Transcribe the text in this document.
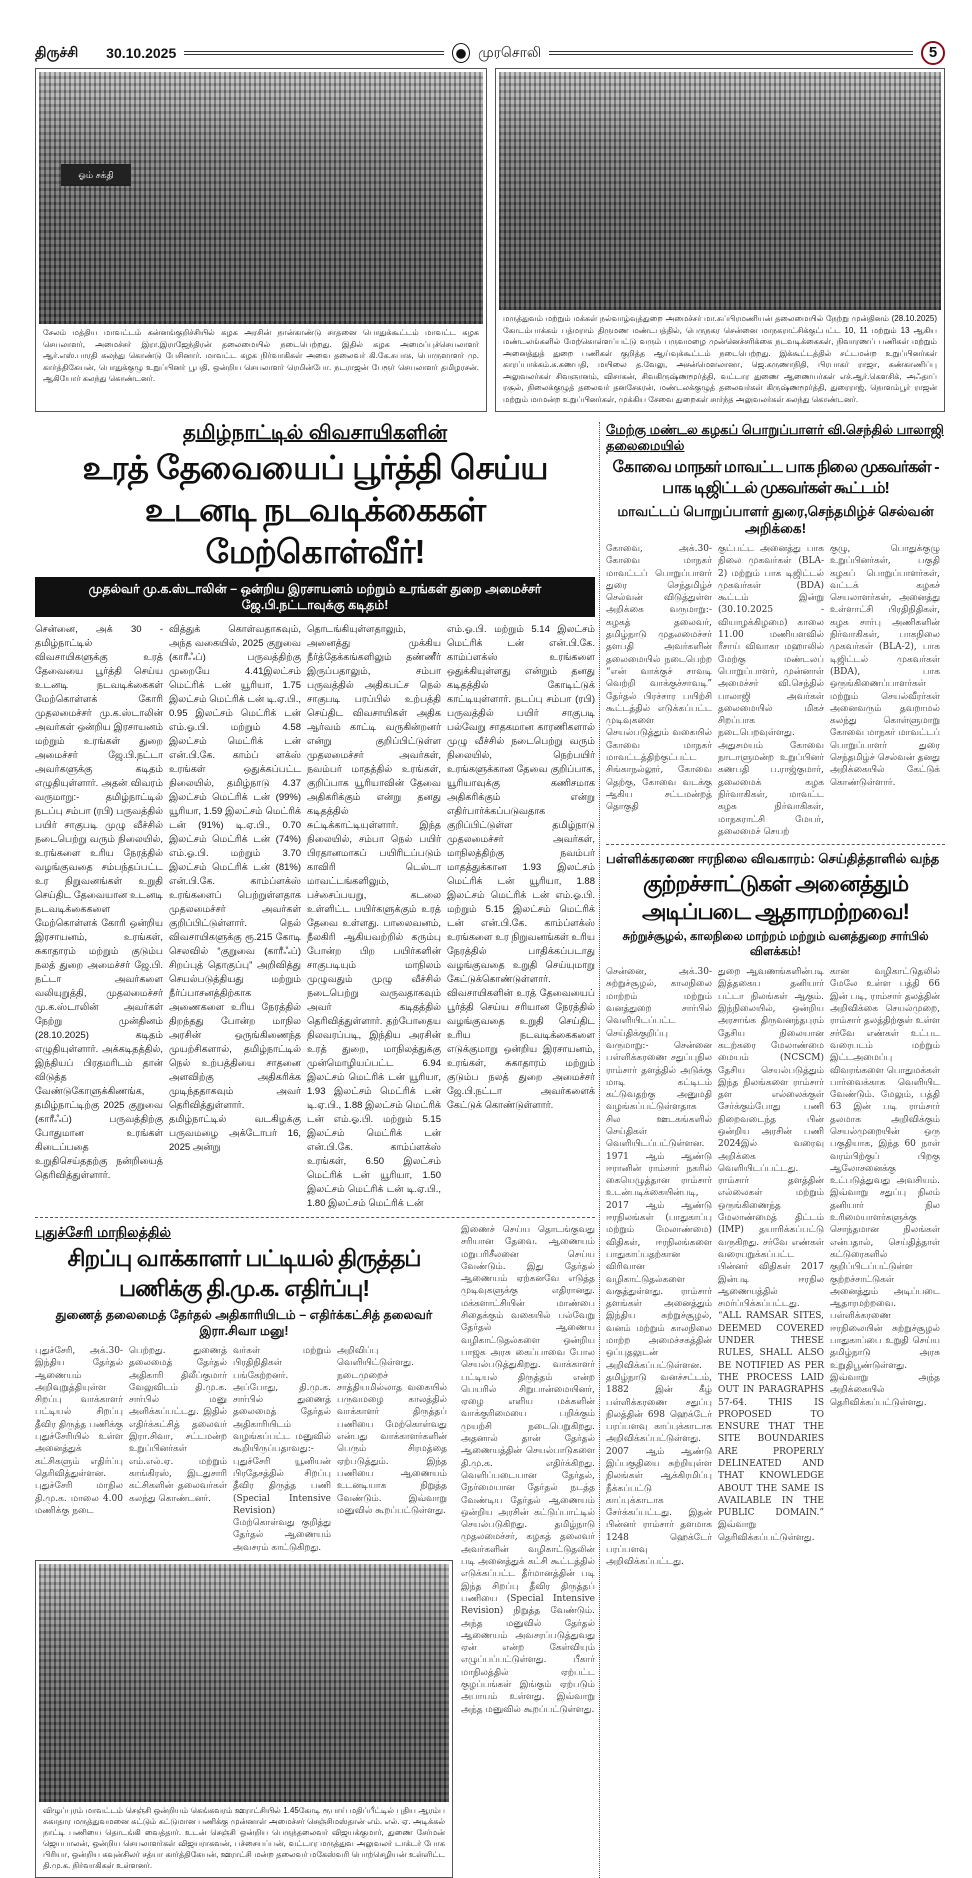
திருச்சி 30.10.2025	முரசொலி	5
ஓம் சக்தி
சேலம் மத்திய மாவட்டம் கன்னங்குறிச்சியில் கழக அரசின் நான்காண்டு சாதனை பொதுக்கூட்டம் மாவட்ட கழக செயலாளர், அமைச்சர் இரா.இராஜேந்திரன் தலைமையில் நடைபெற்றது. இதில் கழக அமைப்புச்செயலாளர் ஆர்.எஸ்.பாரதி கலந்து கொண்டு பேசினார். மாவட்ட கழக நிர்வாகிகள் அவை தலைவர் கி.கே.சுபாசு, பொருளாளர் மு. கார்த்திகேயன், பொதுக்குழு உறுப்பினர் பூபதி, ஒன்றிய செயலாளர் ரெமின்போ. நடராஜன் பேரூர் செயலாளர் தமிழரசன். ஆகியோர் கலந்து கொண்டனர்.
மருத்துவம் மற்றும் மக்கள் நல்வாழ்வுத்துறை அமைச்சர் மா.சுப்பிரமணியன் தலைமையில் நேற்று முன்தினம் (28.10.2025) கோடம்பாக்கம் பத்மராம் திருமண மண்டபத்தில், பெருநகர சென்னை மாநகராட்சிக்குட்பட்ட 10, 11 மற்றும் 13 ஆகிய மண்டலங்களில் மேற்கொள்ளப்பட்டு வரும் பருவமழை முன்னெச்சரிக்கை நடவடிக்கைகள், நிவாரணப் பணிகள் மற்றும் அனைத்துத் துறை பணிகள் குறித்த ஆய்வுக்கூட்டம் நடைபெற்றது. இக்கூட்டத்தில் சட்டமன்ற உறுப்பினர்கள் காரப்பாக்கம்.க.கணபதி, மயிலை த.வேலு, அசன்மௌலானா, ஜெ.கருணாநிதி, பிரபாகர் ராஜா, கண்காணிப்பு அலுவலர்கள் சிவஞானம், விசாகன், சிவகிருஷ்ணமூர்த்தி, வட்டார துணை ஆணையர்கள் எச்.ஆர்.கௌசிக், அஃதாப் ரசூல், நிலைக்குழுத் தலைவர் தனசேகரன், மண்டலக்குழுத் தலைவர்கள் கிருஷ்ணமூர்த்தி, துரைராஜ், நொளம்பூர் ராஜன் மற்றும் மாமன்ற உறுப்பினர்கள், முக்கிய சேவை துறைகள் சார்ந்த அலுவலர்கள் கலந்து கொண்டனர்.
தமிழ்நாட்டில் விவசாயிகளின்
உரத் தேவையைப் பூர்த்தி செய்ய உடனடி நடவடிக்கைகள் மேற்கொள்வீர்!
முதல்வர் மு.க.ஸ்டாலின் – ஒன்றிய இரசாயனம் மற்றும் உரங்கள் துறை அமைச்சர் ஜே.பி.நட்டாவுக்கு கடிதம்!
சென்னை, அக் 30 - தமிழ்நாட்டில் விவசாயிகளுக்கு உரத் தேவையை பூர்த்தி செய்ய உடனடி நடவடிக்கைகள் மேற்கொள்ளக் கோரி முதலமைச்சர் மு.க.ஸ்டாலின் அவர்கள் ஒன்றிய இரசாயனம் மற்றும் உரங்கள் துறை அமைச்சர் ஜே.பி.நட்டா அவர்களுக்கு கடிதம் எழுதியுள்ளார். அதன் விவரம் வருமாறு:- தமிழ்நாட்டில் நடப்பு சம்பா (ரபி) பருவத்தில் பயிர் சாகுபடி முழு வீச்சில் நடைபெற்று வரும் நிலையில், உரங்களை உரிய நேரத்தில் வழங்குவதை சம்பந்தப்பட்ட உர நிறுவனங்கள் உறுதி செய்திட தேவையான உடனடி நடவடிக்கைகளை மேற்கொள்ளக் கோரி ஒன்றிய இரசாயனம், உரங்கள், சுகாதாரம் மற்றும் குடும்ப நலத் துறை அமைச்சர் ஜே.பி. நட்டா அவர்களை வலியுறுத்தி, முதலமைச்சர் மு.க.ஸ்டாலின் அவர்கள் நேற்று முன்தினம் (28.10.2025) கடிதம் எழுதியுள்ளார். அக்கடிதத்தில், இந்தியப் பிரதமரிடம் தான் விடுத்த வேண்டுகோளுக்கிணங்க, தமிழ்நாட்டிற்கு 2025 குறுவை (காரீஃப்) பருவத்திற்கு போதுமான உரங்கள் கிடைப்பதை உறுதிசெய்ததற்கு நன்றியைத் தெரிவித்துள்ளார்.
வித்துக் கொள்வதாகவும், அந்த வகையில், 2025 குறுவை (காரீஃப்) பருவத்திற்கு முறையே 4.41இலட்சம் மெட்ரிக் டன் யூரியா, 1.75 இலட்சம் மெட்ரிக் டன் டி.ஏ.பி., 0.95 இலட்சம் மெட்ரிக் டன் எம்.ஓ.பி. மற்றும் 4.58 இலட்சம் மெட்ரிக் டன் என்.பி.கே. காம்ப் ளக்ஸ் உரங்கள் ஒதுக்கப்பட்ட நிலையில், தமிழ்நாடு 4.37 இலட்சம் மெட்ரிக் டன் (99%) யூரியா, 1.59 இலட்சம் மெட்ரிக் டன் (91%) டி.ஏ.பி., 0.70 இலட்சம் மெட்ரிக் டன் (74%) எம்.ஓ.பி. மற்றும் 3.70 இலட்சம் மெட்ரிக் டன் (81%) என்.பி.கே. காம்ப்ளக்ஸ் உரங்களைப் பெற்றுள்ளதாக முதலமைச்சர் அவர்கள் குறிப்பிட்டுள்ளார். நெல் விவசாயிகளுக்கு ரூ.215 கோடி செலவில் “குறுவை (காரீஃப்) சிறப்புத் தொகுப்பு” அறிவித்து செயல்படுத்தியது மற்றும் நீர்ப்பாசனத்திற்காக அணைகளை உரிய நேரத்தில் திறந்தது போன்ற மாநில அரசின் ஒருங்கிணைந்த முயற்சிகளால், தமிழ்நாட்டில் நெல் உற்பத்தியை சாதனை அளவிற்கு அதிகரிக்க முடிந்ததாகவும் அவர் தெரிவித்துள்ளார். தமிழ்நாட்டில் வடகிழக்கு பருவமழை அக்டோபர் 16, 2025 அன்று
தொடங்கியுள்ளதாலும், அனைத்து முக்கிய நீர்த்தேக்கங்களிலும் தண்ணீர் இருப்பதாலும், சம்பா பருவத்தில் அதிகபட்ச நெல் சாகுபடி பரப்பில் உற்பத்தி செய்திட விவசாயிகள் அதிக ஆர்வம் காட்டி வருகின்றனர் என்று குறிப்பிட்டுள்ள முதலமைச்சர் அவர்கள், நவம்பர் மாதத்தில் உரங்கள், குறிப்பாக யூரியாவின் தேவை அதிகரிக்கும் என்று தனது கடிதத்தில் சுட்டிக்காட்டியுள்ளார். இந்த நிலையில், சம்பா நெல் பயிர் பிரதானமாகப் பயிரிடப்படும் காவிரி டெல்டா மாவட்டங்களிலும், பச்சைப்பயறு, கடலை உள்ளிட்ட பயிர்களுக்கும் உரத் தேவை உள்ளது. பாலைவனம், நீலகிரி ஆகியவற்றில் கரும்பு போன்ற பிற பயிர்களின் சாகுபடியும் மாநிலம் முழுவதும் முழு வீச்சில் நடைபெற்று வருவதாகவும் அவர் கடிதத்தில் தெரிவித்துள்ளார். தற்போதைய நிலவரப்படி, இந்திய அரசின் உரத் துறை, மாநிலத்துக்கு முன்மொழியப்பட்ட 6.94 இலட்சம் மெட்ரிக் டன் யூரியா, 1.93 இலட்சம் மெட்ரிக் டன் டி.ஏ.பி., 1.88 இலட்சம் மெட்ரிக் டன் எம்.ஓ.பி. மற்றும் 5.15 இலட்சம் மெட்ரிக் டன் என்.பி.கே. காம்ப்ளக்ஸ் உரங்கள், 6.50 இலட்சம் மெட்ரிக் டன் யூரியா, 1.50 இலட்சம் மெட்ரிக் டன் டி.ஏ.பி., 1.80 இலட்சம் மெட்ரிக் டன்
எம்.ஓ.பி. மற்றும் 5.14 இலட்சம் மெட்ரிக் டன் என்.பி.கே. காம்ப்ளக்ஸ் உரங்களை ஒதுக்கியுள்ளது என்றும் தனது கடிதத்தில் கோடிட்டுக் காட்டியுள்ளார். நடப்பு சம்பா (ரபி) பருவத்தில் பயிர் சாகுபடி பல்வேறு சாதகமான காரணிகளால் முழு வீச்சில் நடைபெற்று வரும் நிலையில், நெற்பயிர் உரங்களுக்கான தேவை குறிப்பாக, யூரியாவுக்கு கணிசமாக அதிகரிக்கும் என்று எதிர்பார்க்கப்படுவதாக குறிப்பிட்டுள்ள தமிழ்நாடு முதலமைச்சர் அவர்கள், மாநிலத்திற்கு நவம்பர் மாதத்துக்கான 1.93 இலட்சம் மெட்ரிக் டன் யூரியா, 1.88 இலட்சம் மெட்ரிக் டன் எம்.ஓ.பி. மற்றும் 5.15 இலட்சம் மெட்ரிக் டன் என்.பி.கே. காம்ப்ளக்ஸ் உரங்களை உர நிறுவனங்கள் உரிய நேரத்தில் பாதிக்கப்படாது வழங்குவதை உறுதி செய்யுமாறு கேட்டுக்கொண்டுள்ளார். விவசாயிகளின் உரத் தேவையைப் பூர்த்தி செய்ய சரியான நேரத்தில் வழங்குவதை உறுதி செய்திட உரிய நடவடிக்கைகளை எடுக்குமாறு ஒன்றிய இரசாயனம், உரங்கள், சுகாதாரம் மற்றும் குடும்ப நலத் துறை அமைச்சர் ஜே.பி.நட்டா அவர்களைக் கேட்டுக் கொண்டுள்ளார்.
புதுச்சேரி மாநிலத்தில்
சிறப்பு வாக்காளர் பட்டியல் திருத்தப் பணிக்கு தி.மு.க. எதிர்ப்பு!
துணைத் தலைமைத் தேர்தல் அதிகாரியிடம் – எதிர்க்கட்சித் தலைவர் இரா.சிவா மனு!
புதுச்சேரி, அக்.30- இந்திய தேர்தல் ஆணையம் அறிவுறுத்தியுள்ள சிறப்பு வாக்காளர் பட்டியல் சிறப்பு தீவிர திருத்த பணிக்கு புதுச்சேரியில் உள்ள அனைத்துக் கட்சிகளும் எதிர்ப்பு தெரிவித்துள்ளன. புதுச்சேரி மாநில தி.மு.க. மாலை 4.00 மணிக்கு நடை
பெற்றது. துணைத் தலைமைத் தேர்தல் அதிகாரி திலீப்குமார் வேலுவிடம் தி.மு.க. சார்பில் மனு அளிக்கப்பட்டது. இதில் எதிர்க்கட்சித் தலைவர் இரா.சிவா, சட்டமன்ற உறுப்பினர்கள் எம்.எல்.ஏ. மற்றும் காங்கிரஸ், இடதுசாரி கட்சிகளின் தலைவர்கள் கலந்து கொண்டனர்.
வர்கள் மற்றும் பிரதிநிதிகள் பங்கேற்றனர். அப்போது, தி.மு.க. சார்பில் துணைத் தலைமைத் தேர்தல் அதிகாரியிடம் வழங்கப்பட்ட மனுவில் கூறியிருப்பதாவது:- புதுச்சேரி யூனியன் பிரதேசத்தில் சிறப்பு தீவிர திருத்த பணி (Special Intensive Revision) மேற்கொள்வது குறித்து தேர்தல் ஆணையம் அவசரம் காட்டுகிறது.
அறிவிப்பு வெளியிட்டுள்ளது. நடைமுறைச் சாத்தியமில்லாத வகையில் பருவமழை காலத்தில் வாக்காளர் திருத்தப் பணியை மேற்கொள்வது என்பது வாக்காளர்களின் பெரும் சிரமத்தை ஏற்படுத்தும். இந்த பணியை ஆணையம் உடனடியாக நிறுத்த வேண்டும். இவ்வாறு மனுவில் கூறப்பட்டுள்ளது.
விழுப்புரம் மாவட்டம் செஞ்சி ஒன்றியம் கெங்கவரம் ஊராட்சியில் 1.45கோடி ரூபாய் மதிப்பீட்டில் புதிய ஆரம்ப சுகாதார மருத்துவமனை கட்டும் கட்டுமான பணிக்கு முன்னாள் அமைச்சர் செஞ்சிமஸ்தான் எம். எல். ஏ. அடிக்கல் நாட்டி பணியை தொடங்கி வைத்தார். உடன் செஞ்சி ஒன்றிய பெருந்தலைவர் விஜயக்குமார், துணை சேர்மன் ஜெயபாலன், ஒன்றிய செயலாளர்கள் விஜயராகவன், பச்சையப்பன், வட்டார மருத்துவ அலுவலர் டாக்டர் போக பிரியா, ஒன்றிய கவுன்சிலர் சத்யா கார்த்திகேயன், ஊராட்சி மன்ற தலைவர் மகேஸ்வரி பொற்செழியன் உள்ளிட்ட தி.மு.க. நிர்வாகிகள் உள்ளனர்.
இணைச் செய்ய தொடங்குவது சரியான தேவை. ஆணையம் மறுபரிசீலனை செய்ய வேண்டும். இது தேர்தல் ஆணையம் ஏற்கனவே எடுத்த முடிவுகளுக்கு எதிரானது. மக்களாட்சியின் மாண்பை சிதைக்கும் வகையில் பல்வேறு தேர்தல் ஆணைய வழிகாட்டுதல்களை ஒன்றிய பாஜக அரசு கைப்பாவை போல செயல்படுத்துகிறது. வாக்காளர் பட்டியல் திருத்தம் என்ற பெயரில் சிறுபான்மையினர், ஏழை எளிய மக்களின் வாக்குரிமையை பறிக்கும் முயற்சி நடைபெறுகிறது. அதனால் தான் தேர்தல் ஆணையத்தின் செயல்பாடுகளை தி.மு.க. எதிர்க்கிறது. வெளிப்படையான தேர்தல், நேர்மையான தேர்தல் நடத்த வேண்டிய தேர்தல் ஆணையம் ஒன்றிய அரசின் கட்டுப்பாட்டில் செயல்படுகிறது. தமிழ்நாடு முதலமைச்சர், கழகத் தலைவர் அவர்களின் வழிகாட்டுதலின் படி அனைத்துக் கட்சி கூட்டத்தில் எடுக்கப்பட்ட தீர்மானத்தின் படி இந்த சிறப்பு தீவிர திருத்தப் பணியை (Special Intensive Revision) நிறுத்த வேண்டும். அந்த மனுவில் தேர்தல் ஆணையம் அவசரப்படுத்துவது ஏன் என்ற கேள்வியும் எழுப்பப்பட்டுள்ளது. பீகார் மாநிலத்தில் ஏற்பட்ட குழப்பங்கள் இங்கும் ஏற்படும் அபாயம் உள்ளது. இவ்வாறு அந்த மனுவில் கூறப்பட்டுள்ளது.
மேற்கு மண்டல கழகப் பொறுப்பாளர் வி.செந்தில் பாலாஜி தலைமையில்
கோவை மாநகர் மாவட்ட பாக நிலை முகவர்கள் - பாக டிஜிட்டல் முகவர்கள் கூட்டம்!
மாவட்டப் பொறுப்பாளர் துரை,செந்தமிழ்ச் செல்வன் அறிக்கை!
கோவை, அக்.30- கோவை மாநகர் மாவட்டப் பொறுப்பாளர் துரை செந்தமிழ்ச் செல்வன் விடுத்துள்ள அறிக்கை வருமாறு:- கழகத் தலைவர், தமிழ்நாடு முதலமைச்சர் தளபதி அவர்களின் தலைமையில் நடைபெற்ற “என் வாக்குச் சாவடி வெற்றி வாக்குச்சாவடி” தேர்தல் பிரச்சார பயிற்சி கூட்டத்தில் எடுக்கப்பட்ட முடிவுகளை செயல்படுத்தும் வகையில் கோவை மாநகர் மாவட்டத்திற்குட்பட்ட சிங்காநல்லூர், கோவை தெற்கு, கோவை வடக்கு ஆகிய சட்டமன்றத் தொகுதி
குட்பட்ட அனைத்து பாக நிலை முகவர்கள் (BLA-2) மற்றும் பாக டிஜிட்டல் முகவர்கள் (BDA) கூட்டம் இன்று (30.10.2025 - வியாழக்கிழமை) காலை 11.00 மணியளவில் ரீசாய் விவாகா மஹாலில் மேற்கு மண்டலப் பொறுப்பாளர், முன்னாள் அமைச்சர் வி.செந்தில் பாலாஜி அவர்கள் தலைமையில் மிகச் சிறப்பாக நடைபெறவுள்ளது. அதுசமயம் கோவை நாடாளுமன்ற உறுப்பினர் கணபதி ப.ராஜ்குமார், தலைமைக் கழக நிர்வாகிகள், மாவட்ட கழக நிர்வாகிகள், மாநகராட்சி மேயர், தலைமைச் செயற்
குழு, பொதுக்குழு உறுப்பினர்கள், பகுதி கழகப் பொறுப்பாளர்கள், வட்டக் கழகச் செயலாளர்கள், அனைத்து உள்ளாட்சி பிரதிநிதிகள், கழக சார்பு அணிகளின் நிர்வாகிகள், பாகநிலை முகவர்கள் (BLA-2), பாக டிஜிட்டல் முகவர்கள் (BDA), பாக ஒருங்கிணைப்பாளர்கள் மற்றும் செயல்வீரர்கள் அனைவரும் தவறாமல் கலந்து கொள்ளுமாறு கோவை மாநகர் மாவட்டப் பொறுப்பாளர் துரை செந்தமிழ்ச் செல்வன் தனது அறிக்கையில் கேட்டுக் கொண்டுள்ளார்.
பள்ளிக்கரணை ஈரநிலை விவகாரம்: செய்தித்தாளில் வந்த
குற்றச்சாட்டுகள் அனைத்தும் அடிப்படை ஆதாரமற்றவை!
சுற்றுச்சூழல், காலநிலை மாற்றம் மற்றும் வனத்துறை சார்பில் விளக்கம்!
சென்னை, அக்.30- சுற்றுச்சூழல், காலநிலை மாற்றம் மற்றும் வனத்துறை சார்பில் வெளியிடப்பட்ட செய்திக்குறிப்பு வருமாறு:- சென்னை பள்ளிக்கரணை சதுப்புநில ராம்சார் தளத்தில் அடுக்கு மாடி கட்டிடம் கட்டுவதற்கு அனுமதி வழங்கப்பட்டுள்ளதாக சில ஊடகங்களில் செய்திகள் வெளியிடப்பட்டுள்ளன. 1971 ஆம் ஆண்டு ஈரானின் ராம்சார் நகரில் கையெழுத்தான ராம்சார் உடன்படிக்கையின்படி, 2017 ஆம் ஆண்டு ஈரநிலங்கள் (பாதுகாப்பு மற்றும் மேலாண்மை) விதிகள், ஈரநிலங்களை பாதுகாப்பதற்கான விரிவான வழிகாட்டுதல்களை வகுத்துள்ளது. ராம்சார் தளங்கள் அனைத்தும் இந்திய சுற்றுச்சூழல், வனம் மற்றும் காலநிலை மாற்ற அமைச்சகத்தின் ஒப்புதலுடன் அறிவிக்கப்பட்டுள்ளன. தமிழ்நாடு வனச்சட்டம், 1882 இன் கீழ் பள்ளிக்கரணை சதுப்பு நிலத்தின் 698 ஹெக்டேர் பரப்பளவு காப்புக்காடாக அறிவிக்கப்பட்டுள்ளது. 2007 ஆம் ஆண்டு இப்பகுதியை சுற்றியுள்ள நிலங்கள் ஆக்கிரமிப்பு நீக்கப்பட்டு காப்புக்காடாக சேர்க்கப்பட்டது. இதன் பின்னர் ராம்சார் தளமாக 1248 ஹெக்டேர் பரப்பளவு அறிவிக்கப்பட்டது.
துறை ஆவணங்களின்படி இத்தகைய தனியார் பட்டா நிலங்கள் ஆகும். இந்நிலையில், ஒன்றிய அரசாங்க திருவனந்தபுரம் தேசிய நிலையான கடற்கரை மேலாண்மை மையம் (NCSCM) தேசிய செயல்படுத்தும் இந்த நிலங்களை ராம்சார் தள எல்லைக்குள் சேர்க்கும்போது பணி நிறைவடைந்த பின் ஒன்றிய அரசின் பணி 2024இல் வரைவு அறிக்கை வெளியிடப்பட்டது. ராம்சார் தளத்தின் எல்லைகள் மற்றும் ஒருங்கிணைந்த மேலாண்மைத் திட்டம் (IMP) தயாரிக்கப்பட்டு வருகிறது. சர்வே எண்கள் வரையறுக்கப்பட்ட பின்னர் விதிகள் 2017 இன்படி ஈரநில ஆணையத்தில் சமர்ப்பிக்கப்பட்டது. “ALL RAMSAR SITES, DEEMED COVERED UNDER THESE RULES, SHALL ALSO BE NOTIFIED AS PER THE PROCESS LAID OUT IN PARAGRAPHS 57-64. THIS IS PROPOSED TO ENSURE THAT THE SITE BOUNDARIES ARE PROPERLY DELINEATED AND THAT KNOWLEDGE ABOUT THE SAME IS AVAILABLE IN THE PUBLIC DOMAIN.” இவ்வாறு தெரிவிக்கப்பட்டுள்ளது.
கான வழிகாட்டுதலில் மேலே உள்ள பத்தி 66 இன் படி, ராம்சார் தலத்தின் அறிவிக்கை செயல்முறை, ராம்சார் தலத்திற்குள் உள்ள சர்வே எண்கள் உட்பட வரைபடம் மற்றும் இட்டஅமைப்பு விவரங்களை பொதுமக்கள் பார்வைக்காக வெளியிட வேண்டும். மேலும், பத்தி 63 இன் படி ராம்சார் தலமாக அறிவிக்கும் செயல்முறையின் ஒரு பகுதியாக, இந்த 60 நாள் வரம்பிற்குப் பிறகு ஆலோசனைக்கு உட்படுத்துவது அவசியம். இவ்வாறு சதுப்பு நிலம் தனியார் நில உரிமையாளர்களுக்கு சொந்தமான நிலங்கள் என்பதால், செய்தித்தாள் கட்டுரைகளில் குறிப்பிடப்பட்டுள்ள குற்றச்சாட்டுகள் அனைத்தும் அடிப்படை ஆதாரமற்றவை. பள்ளிக்கரணை ஈரநிலையின் சுற்றுச்சூழல் பாதுகாப்பை உறுதி செய்ய தமிழ்நாடு அரசு உறுதிபூண்டுள்ளது. இவ்வாறு அந்த அறிக்கையில் தெரிவிக்கப்பட்டுள்ளது.
